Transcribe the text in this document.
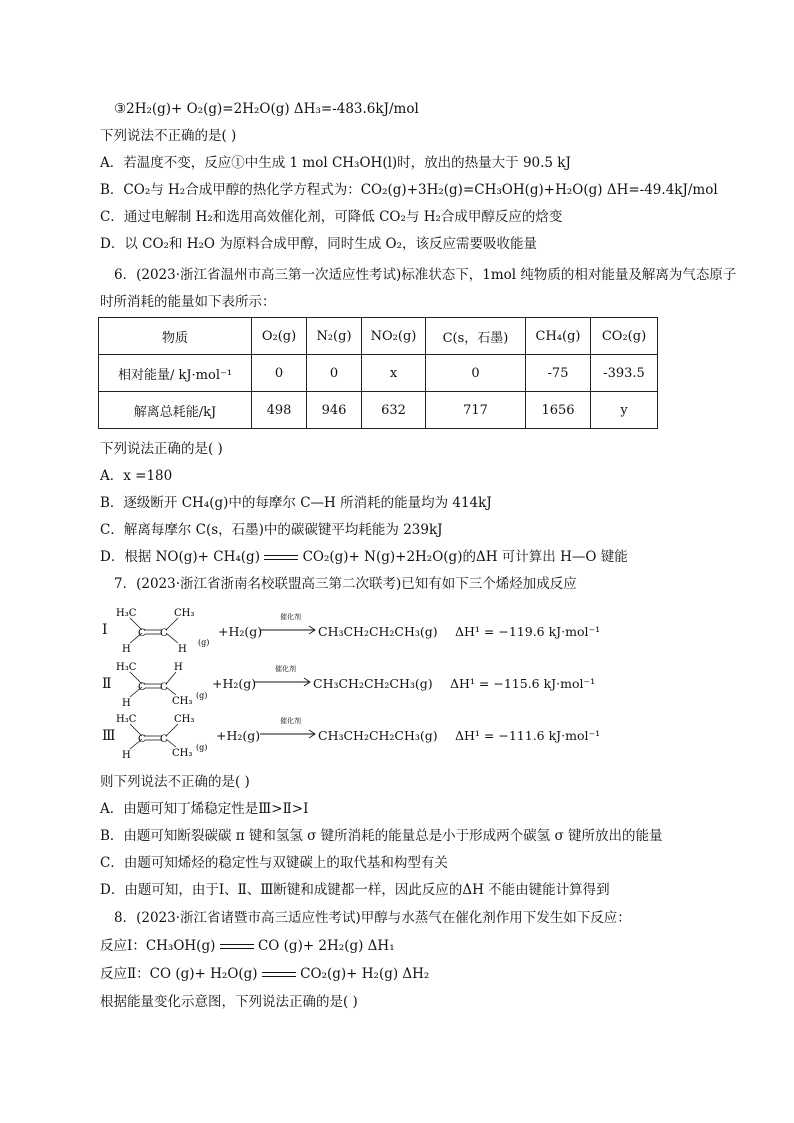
③2H₂(g)+ O₂(g)=2H₂O(g) ΔH₃=-483.6kJ/mol
下列说法不正确的是( )
A．若温度不变，反应①中生成 1 mol CH₃OH(l)时，放出的热量大于 90.5 kJ
B．CO₂与 H₂合成甲醇的热化学方程式为：CO₂(g)+3H₂(g)=CH₃OH(g)+H₂O(g) ΔH=-49.4kJ/mol
C．通过电解制 H₂和选用高效催化剂，可降低 CO₂与 H₂合成甲醇反应的焓变
D．以 CO₂和 H₂O 为原料合成甲醇，同时生成 O₂，该反应需要吸收能量
6．(2023·浙江省温州市高三第一次适应性考试)标准状态下，1mol 纯物质的相对能量及解离为气态原子
时所消耗的能量如下表所示：
物质	O₂(g)	N₂(g)	NO₂(g)	C(s，石墨)	CH₄(g)	CO₂(g)
相对能量/ kJ·mol⁻¹	0	0	x	0	-75	-393.5
解离总耗能/kJ	498	946	632	717	1656	y
下列说法正确的是( )
A．x =180
B．逐级断开 CH₄(g)中的每摩尔 C—H 所消耗的能量均为 414kJ
C．解离每摩尔 C(s，石墨)中的碳碳键平均耗能为 239kJ
D．根据 NO(g)+ CH₄(g)	CO₂(g)+ N(g)+2H₂O(g)的ΔH 可计算出 H—O 键能
7．(2023·浙江省浙南名校联盟高三第二次联考)已知有如下三个烯烃加成反应
Ⅰ
H₃C	CH₃
H	H
C C
(g)
+H₂(g)
催化剂
CH₃CH₂CH₂CH₃(g) ΔH¹ = −119.6 kJ·mol⁻¹
Ⅱ
H₃C	H
H	CH₃
C C
(g)
+H₂(g)
催化剂
CH₃CH₂CH₂CH₃(g) ΔH¹ = −115.6 kJ·mol⁻¹
Ⅲ
H₃C	CH₃
H	CH₃
C C
(g)
+H₂(g)
催化剂
CH₃CH₂CH₂CH₃(g) ΔH¹ = −111.6 kJ·mol⁻¹
则下列说法不正确的是( )
A．由题可知丁烯稳定性是Ⅲ>Ⅱ>Ⅰ
B．由题可知断裂碳碳 π 键和氢氢 σ 键所消耗的能量总是小于形成两个碳氢 σ 键所放出的能量
C．由题可知烯烃的稳定性与双键碳上的取代基和构型有关
D．由题可知，由于Ⅰ、Ⅱ、Ⅲ断键和成键都一样，因此反应的ΔH 不能由键能计算得到
8．(2023·浙江省诸暨市高三适应性考试)甲醇与水蒸气在催化剂作用下发生如下反应：
反应Ⅰ：CH₃OH(g)	CO (g)+ 2H₂(g) ΔH₁
反应Ⅱ：CO (g)+ H₂O(g)	CO₂(g)+ H₂(g) ΔH₂
根据能量变化示意图，下列说法正确的是( )
